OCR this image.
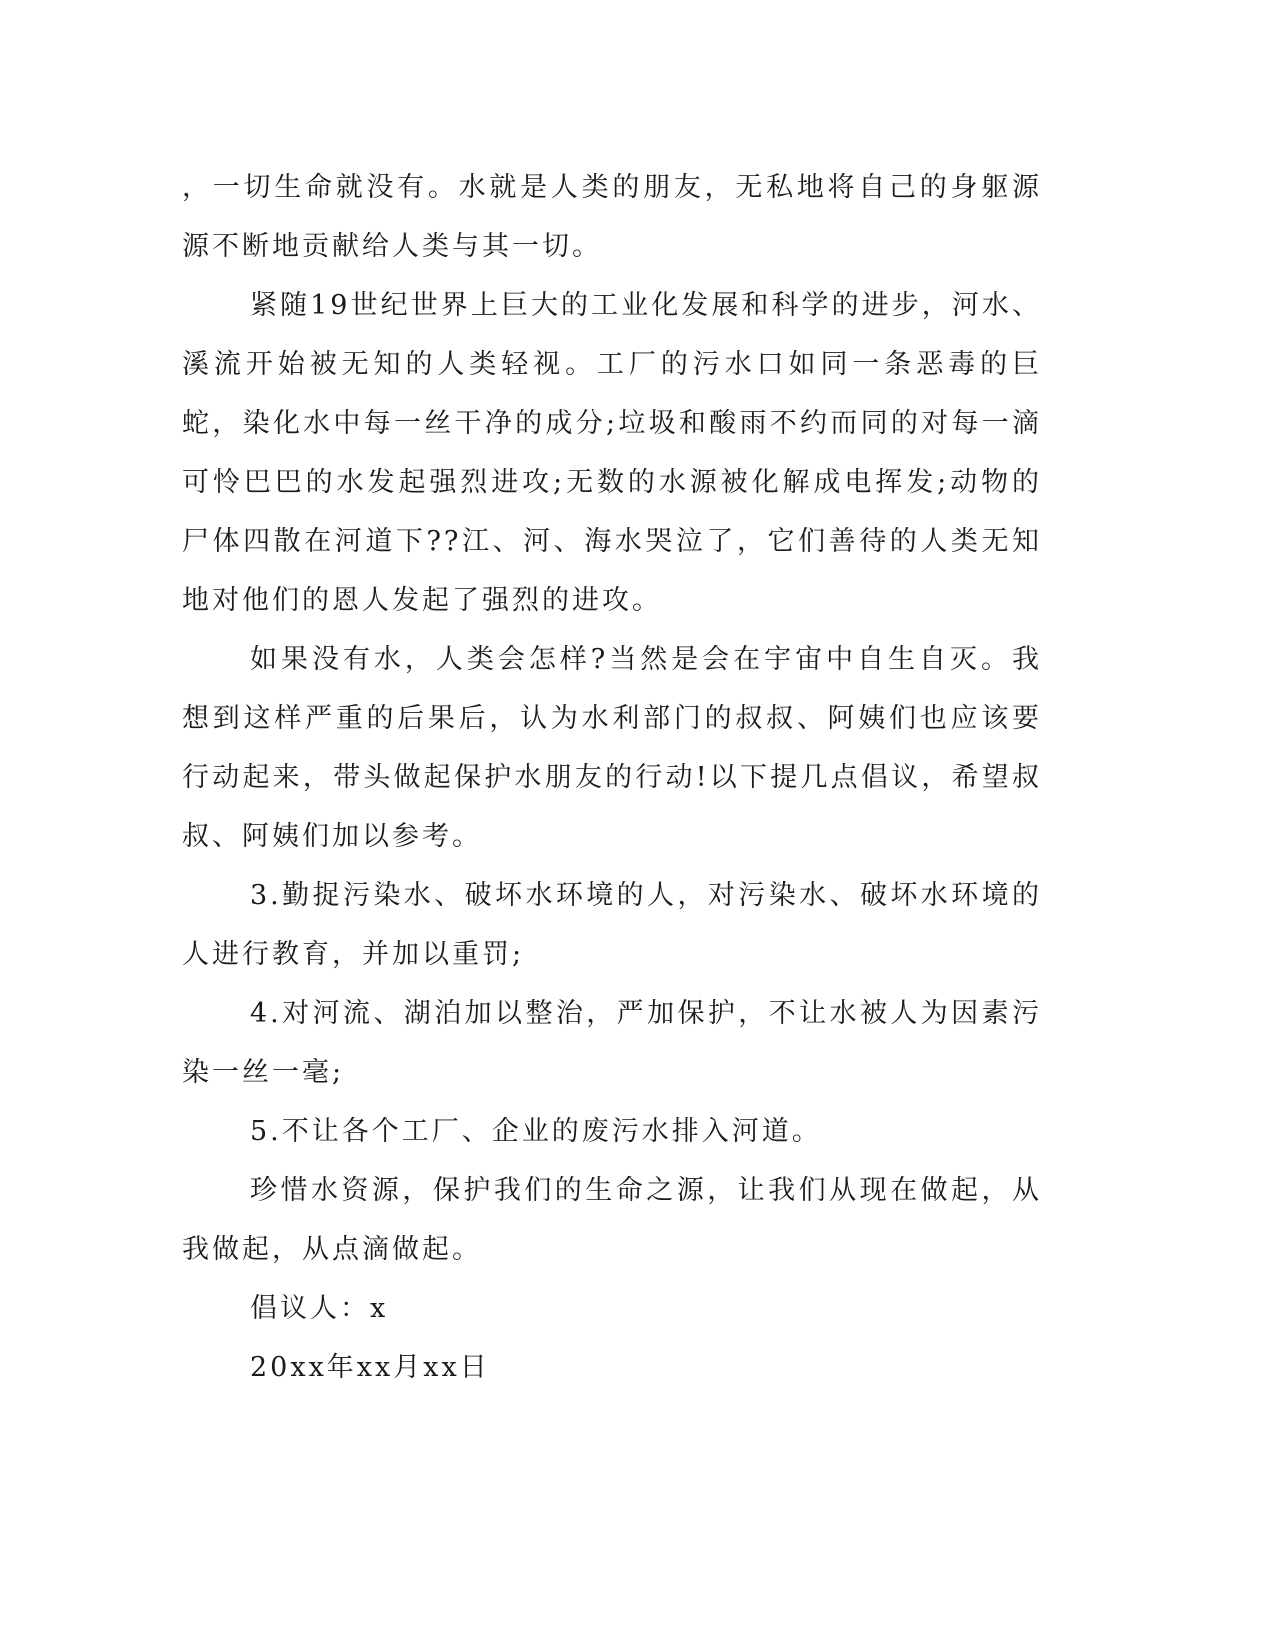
，一切生命就没有。水就是人类的朋友，无私地将自己的身躯源源不断地贡献给人类与其一切。

紧随19世纪世界上巨大的工业化发展和科学的进步，河水、溪流开始被无知的人类轻视。工厂的污水口如同一条恶毒的巨蛇，染化水中每一丝干净的成分;垃圾和酸雨不约而同的对每一滴可怜巴巴的水发起强烈进攻;无数的水源被化解成电挥发;动物的尸体四散在河道下??江、河、海水哭泣了，它们善待的人类无知地对他们的恩人发起了强烈的进攻。

如果没有水，人类会怎样?当然是会在宇宙中自生自灭。我想到这样严重的后果后，认为水利部门的叔叔、阿姨们也应该要行动起来，带头做起保护水朋友的行动!以下提几点倡议，希望叔叔、阿姨们加以参考。

3.勤捉污染水、破坏水环境的人，对污染水、破坏水环境的人进行教育，并加以重罚;

4.对河流、湖泊加以整治，严加保护，不让水被人为因素污染一丝一毫;

5.不让各个工厂、企业的废污水排入河道。

珍惜水资源，保护我们的生命之源，让我们从现在做起，从我做起，从点滴做起。

倡议人：x

20xx年xx月xx日
